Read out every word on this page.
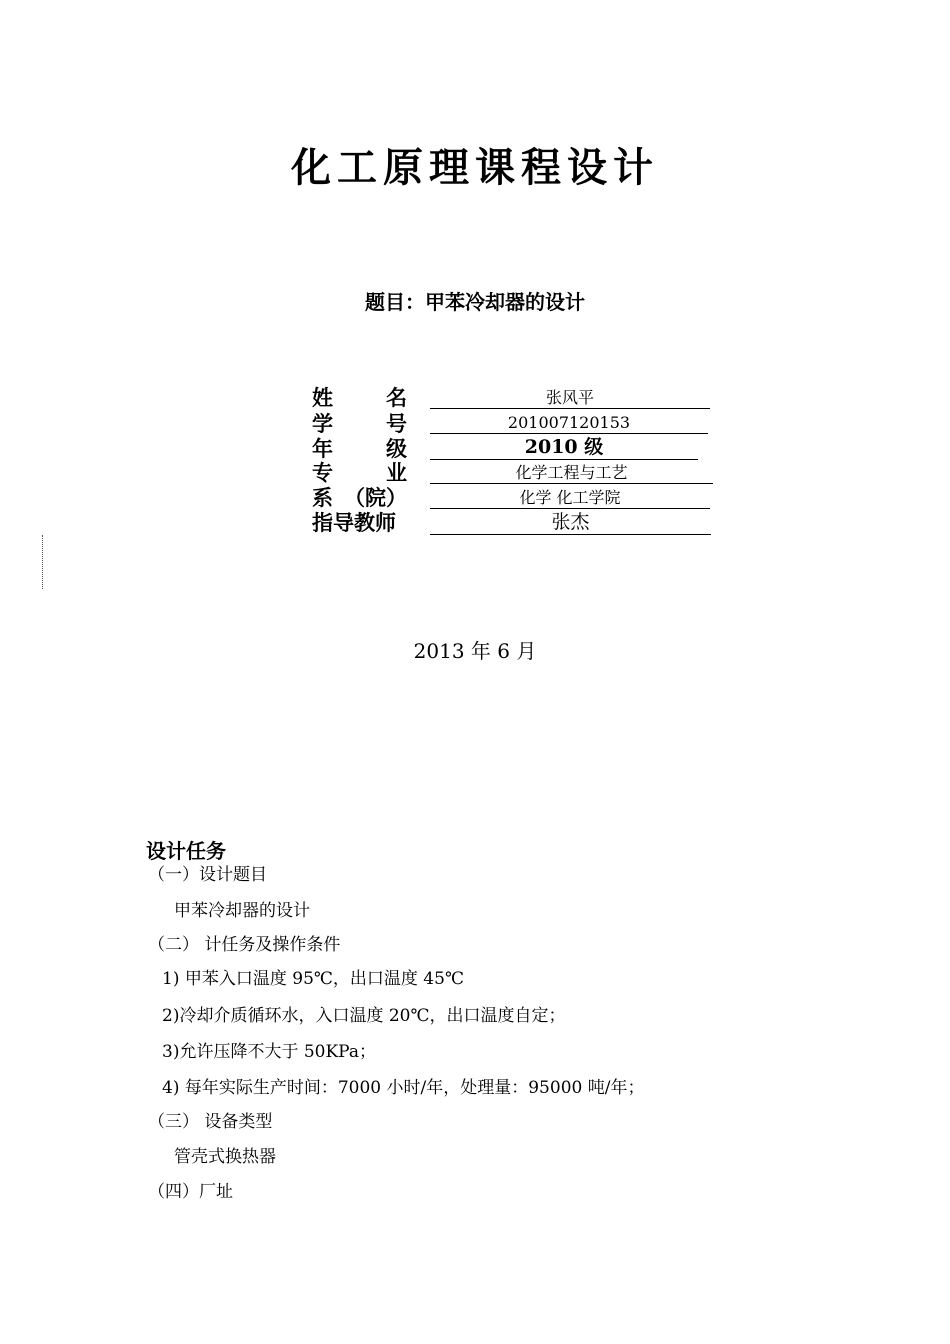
化工原理课程设计
题目：甲苯冷却器的设计
姓	名	张风平
学	号	201007120153
年	级	2010 级
专	业	化学工程与工艺
系 （院）	化学 化工学院
指导教师	张杰
2013 年 6 月
设计任务
（一）设计题目
甲苯冷却器的设计
（二） 计任务及操作条件
1) 甲苯入口温度 95℃，出口温度 45℃
2)冷却介质循环水，入口温度 20℃，出口温度自定；
3)允许压降不大于 50KPa；
4) 每年实际生产时间：7000 小时/年，处理量：95000 吨/年；
（三） 设备类型
管壳式换热器
（四）厂址
